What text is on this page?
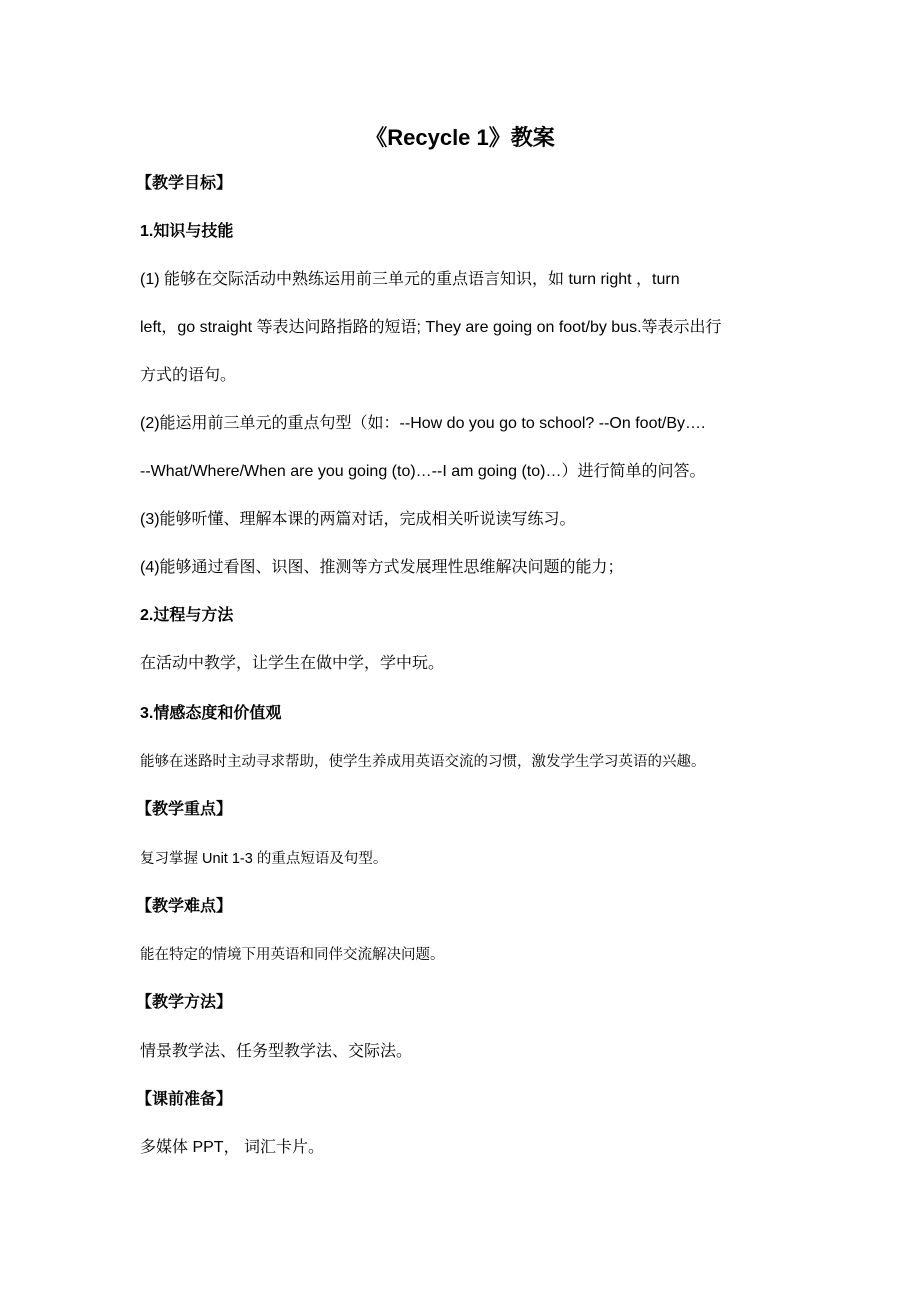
《Recycle 1》教案
【教学目标】
1.知识与技能
(1) 能够在交际活动中熟练运用前三单元的重点语言知识，如 turn right ，turn
left，go straight 等表达问路指路的短语; They are going on foot/by bus.等表示出行
方式的语句。
(2)能运用前三单元的重点句型（如：--How do you go to school? --On foot/By….
--What/Where/When are you going (to)…--I am going (to)…）进行简单的问答。
(3)能够听懂、理解本课的两篇对话，完成相关听说读写练习。
(4)能够通过看图、识图、推测等方式发展理性思维解决问题的能力；
2.过程与方法
在活动中教学，让学生在做中学，学中玩。
3.情感态度和价值观
能够在迷路时主动寻求帮助，使学生养成用英语交流的习惯，激发学生学习英语的兴趣。
【教学重点】
复习掌握 Unit 1-3 的重点短语及句型。
【教学难点】
能在特定的情境下用英语和同伴交流解决问题。
【教学方法】
情景教学法、任务型教学法、交际法。
【课前准备】
多媒体 PPT， 词汇卡片。
